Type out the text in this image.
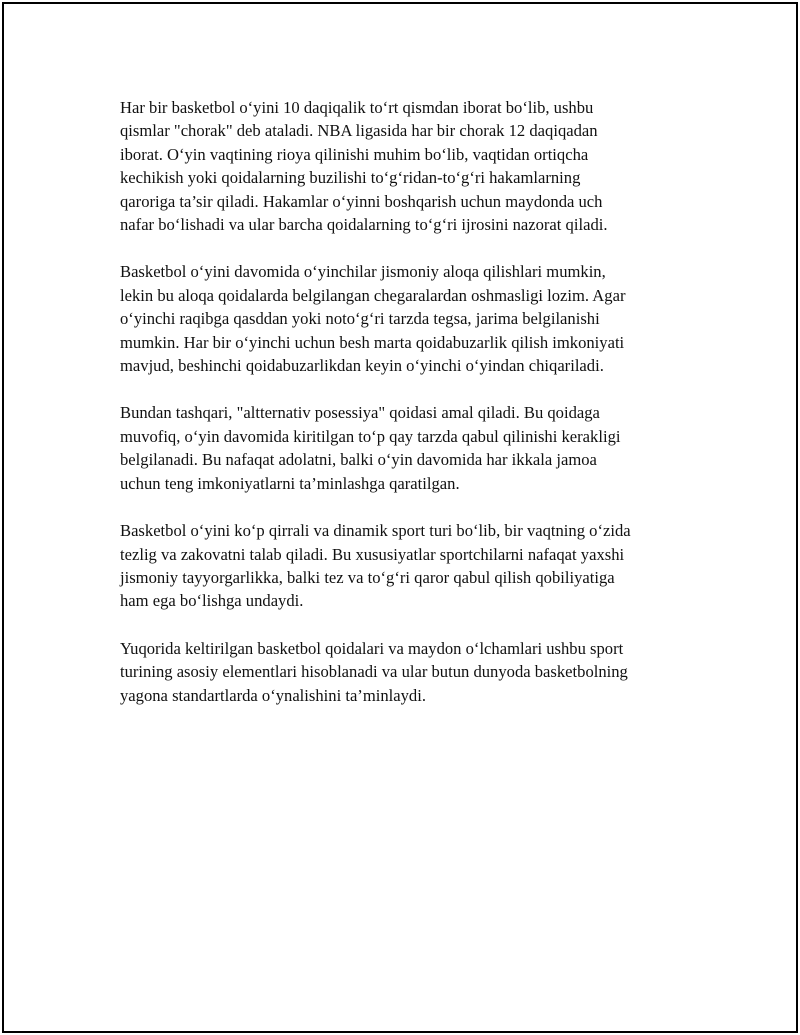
Har bir basketbol o‘yini 10 daqiqalik to‘rt qismdan iborat bo‘lib, ushbu
qismlar "chorak" deb ataladi. NBA ligasida har bir chorak 12 daqiqadan
iborat. O‘yin vaqtining rioya qilinishi muhim bo‘lib, vaqtidan ortiqcha
kechikish yoki qoidalarning buzilishi to‘g‘ridan-to‘g‘ri hakamlarning
qaroriga ta’sir qiladi. Hakamlar o‘yinni boshqarish uchun maydonda uch
nafar bo‘lishadi va ular barcha qoidalarning to‘g‘ri ijrosini nazorat qiladi.

Basketbol o‘yini davomida o‘yinchilar jismoniy aloqa qilishlari mumkin,
lekin bu aloqa qoidalarda belgilangan chegaralardan oshmasligi lozim. Agar
o‘yinchi raqibga qasddan yoki noto‘g‘ri tarzda tegsa, jarima belgilanishi
mumkin. Har bir o‘yinchi uchun besh marta qoidabuzarlik qilish imkoniyati
mavjud, beshinchi qoidabuzarlikdan keyin o‘yinchi o‘yindan chiqariladi.

Bundan tashqari, "altternativ posessiya" qoidasi amal qiladi. Bu qoidaga
muvofiq, o‘yin davomida kiritilgan to‘p qay tarzda qabul qilinishi kerakligi
belgilanadi. Bu nafaqat adolatni, balki o‘yin davomida har ikkala jamoa
uchun teng imkoniyatlarni ta’minlashga qaratilgan.

Basketbol o‘yini ko‘p qirrali va dinamik sport turi bo‘lib, bir vaqtning o‘zida
tezlig va zakovatni talab qiladi. Bu xususiyatlar sportchilarni nafaqat yaxshi
jismoniy tayyorgarlikka, balki tez va to‘g‘ri qaror qabul qilish qobiliyatiga
ham ega bo‘lishga undaydi.

Yuqorida keltirilgan basketbol qoidalari va maydon o‘lchamlari ushbu sport
turining asosiy elementlari hisoblanadi va ular butun dunyoda basketbolning
yagona standartlarda o‘ynalishini ta’minlaydi.
